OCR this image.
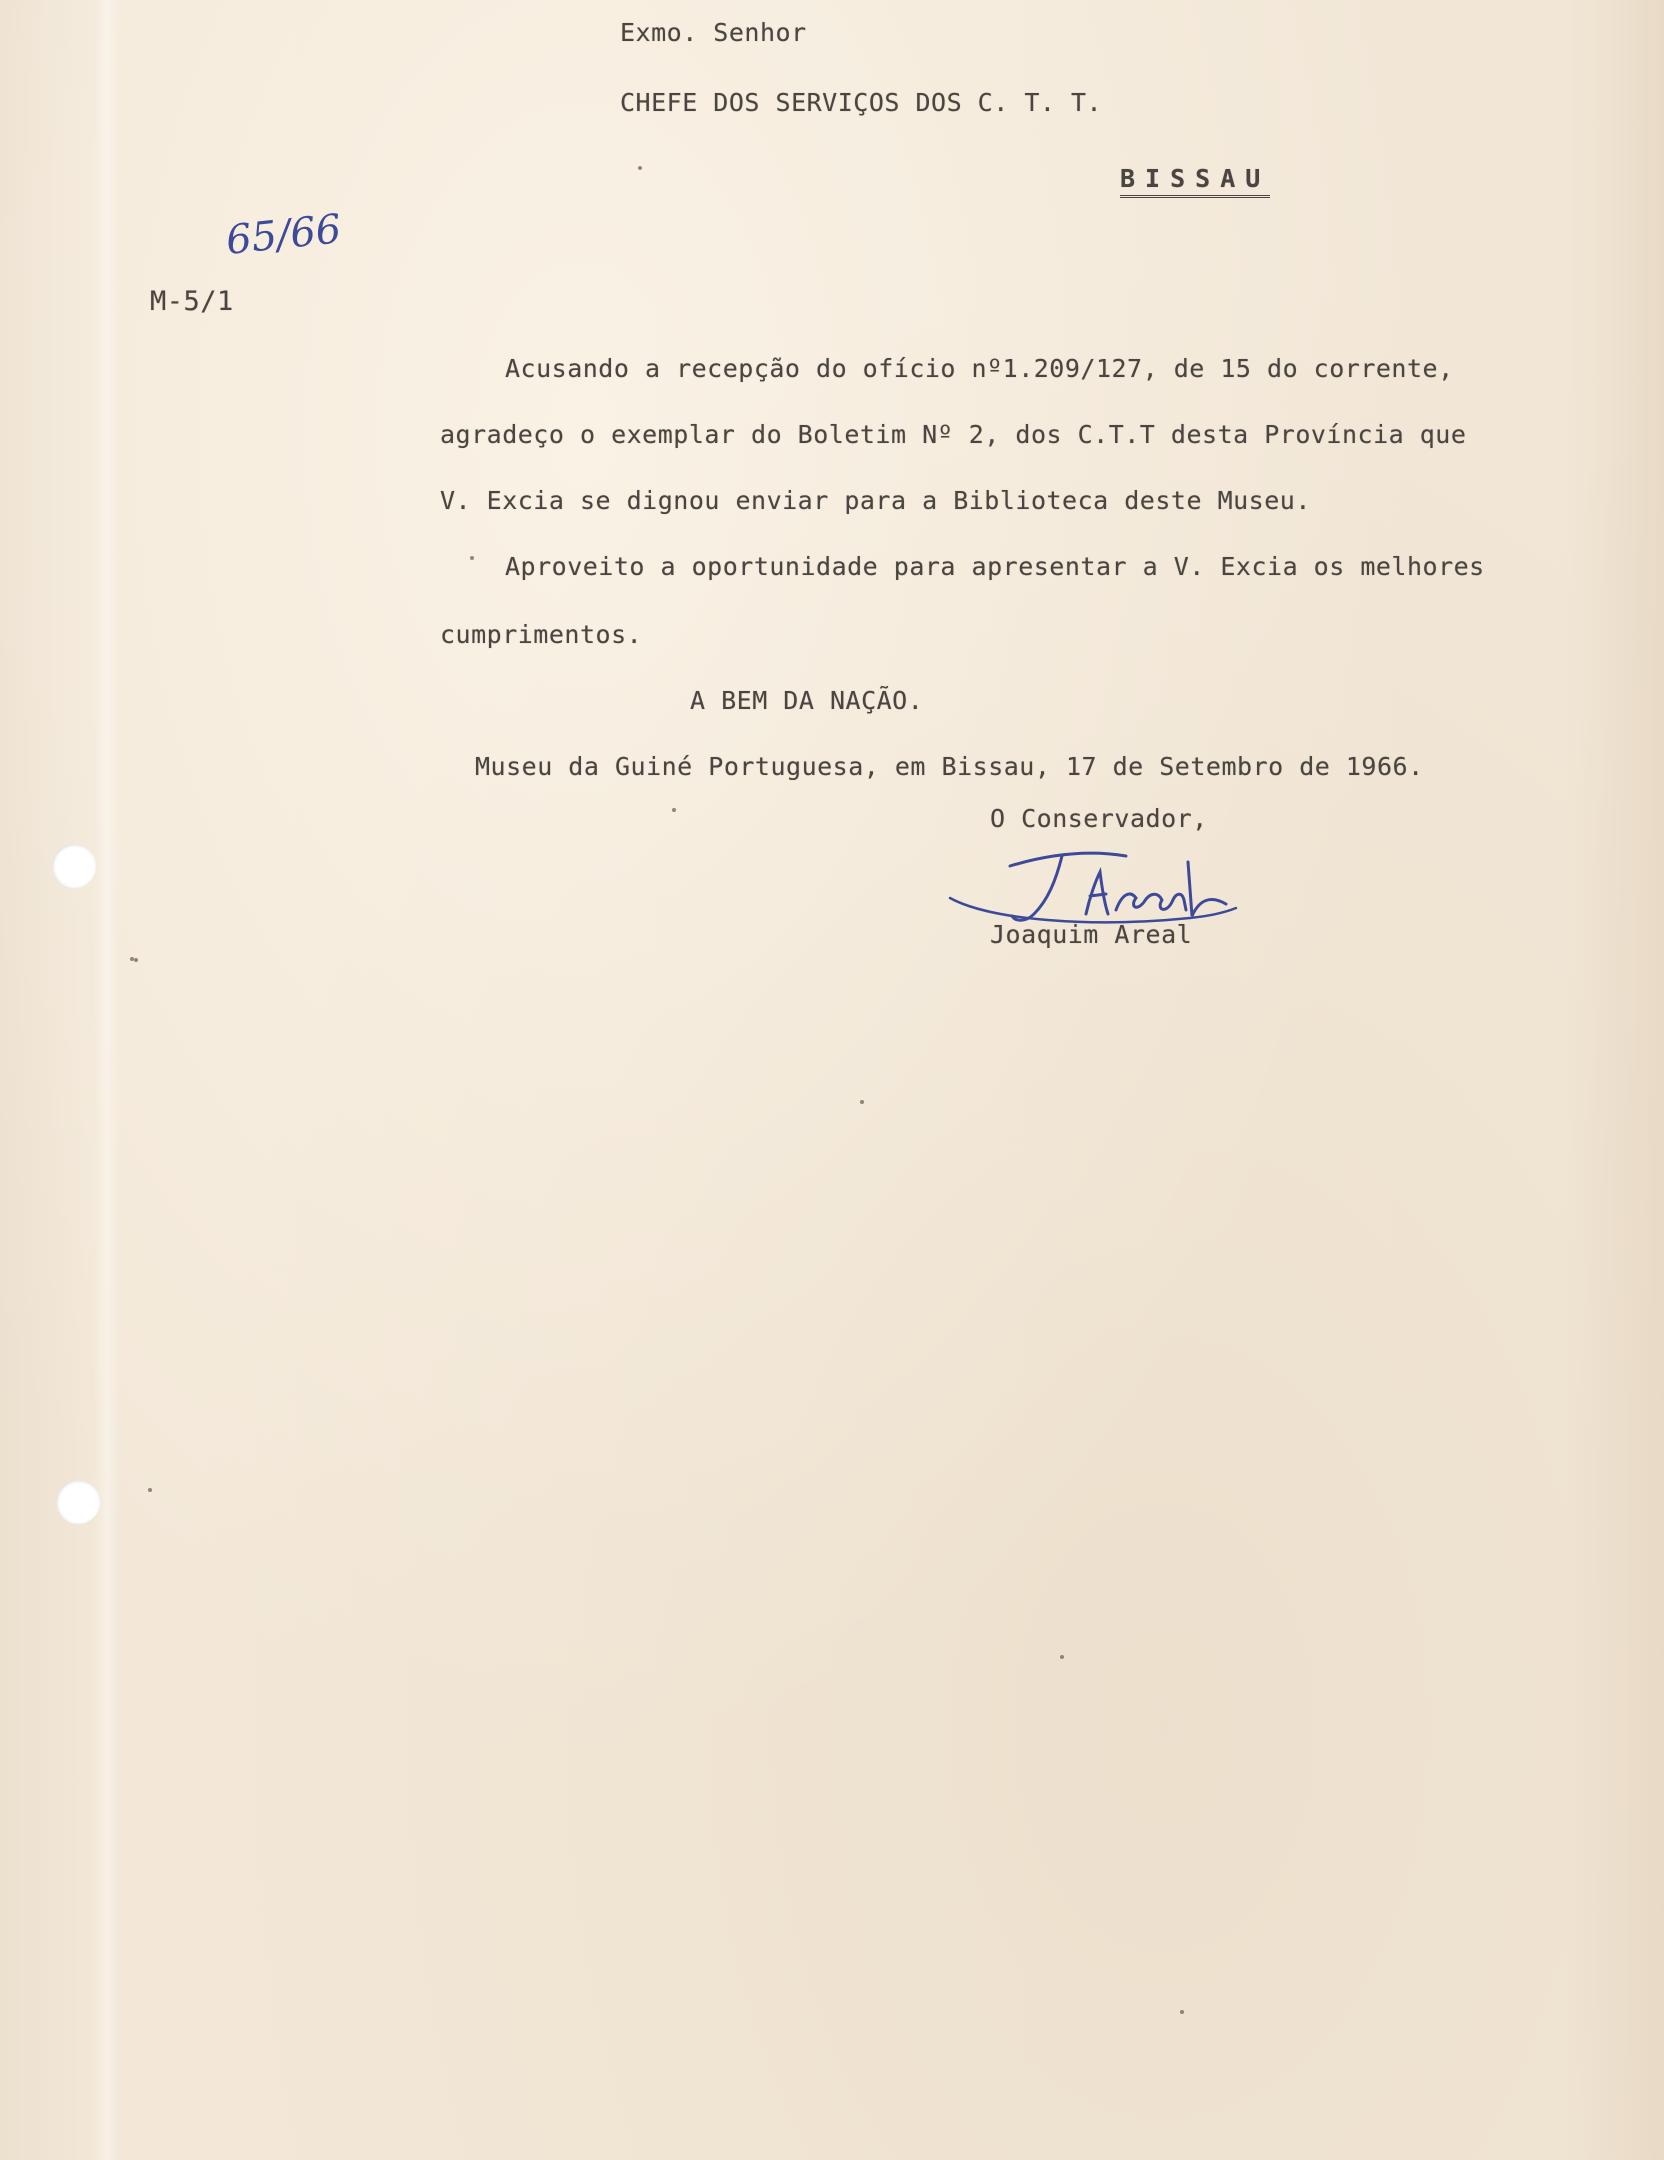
Exmo. Senhor
CHEFE DOS SERVIÇOS DOS C. T. T.
BISSAU
65/66
M-5/1
Acusando a recepção do ofício nº1.209/127, de 15 do corrente,
agradeço o exemplar do Boletim Nº 2, dos C.T.T desta Província que
V. Excia se dignou enviar para a Biblioteca deste Museu.
Aproveito a oportunidade para apresentar a V. Excia os melhores
cumprimentos.
A BEM DA NAÇÃO.
Museu da Guiné Portuguesa, em Bissau, 17 de Setembro de 1966.
O Conservador,
Joaquim Areal
